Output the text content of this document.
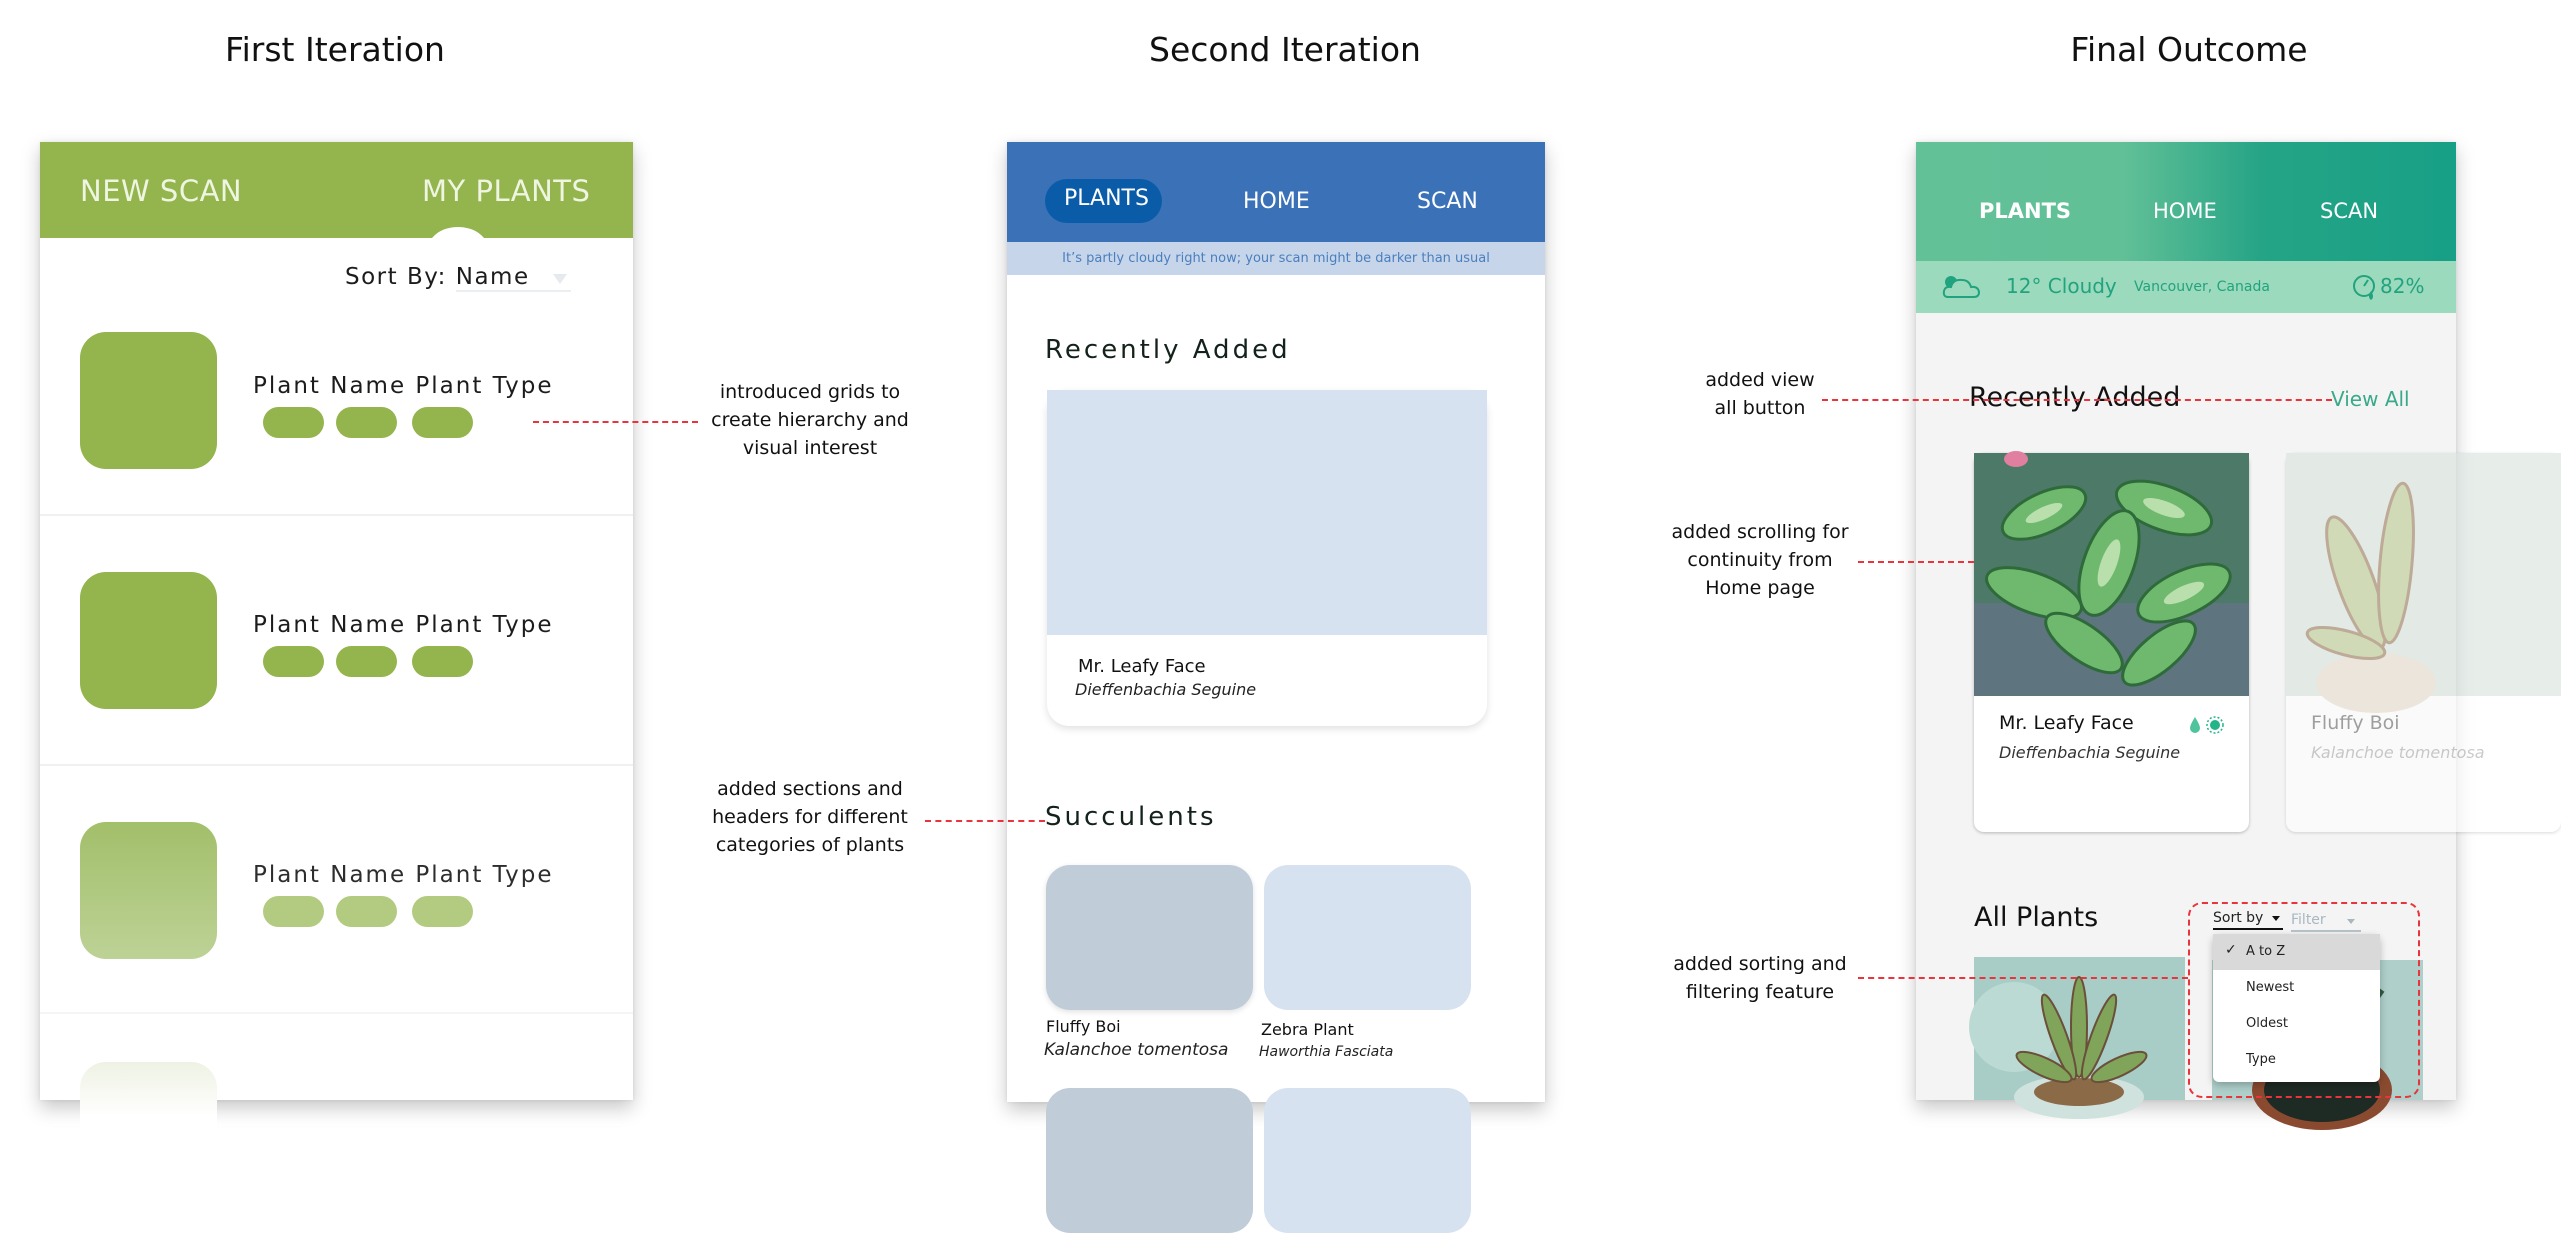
First Iteration	Second Iteration	Final Outcome
NEW SCAN	MY PLANTS
Sort By: Name
Plant Name Plant Type
Plant Name Plant Type
Plant Name Plant Type
introduced grids to
create hierarchy and
visual interest
PLANTS	HOME	SCAN
It’s partly cloudy right now; your scan might be darker than usual
Recently Added
Mr. Leafy Face
Dieffenbachia Seguine
Succulents
Fluffy Boi
Kalanchoe tomentosa
Zebra Plant
Haworthia Fasciata
added sections and
headers for different
categories of plants
PLANTS	HOME	SCAN
12° Cloudy Vancouver, Canada	82%
Recently Added	View All
Mr. Leafy Face
Dieffenbachia Seguine
Fluffy Boi
Kalanchoe tomentosa
All Plants	Sort by	Filter
✓ A to Z
Newest
Oldest
Type
added view
all button
added scrolling for
continuity from
Home page
added sorting and
filtering feature
